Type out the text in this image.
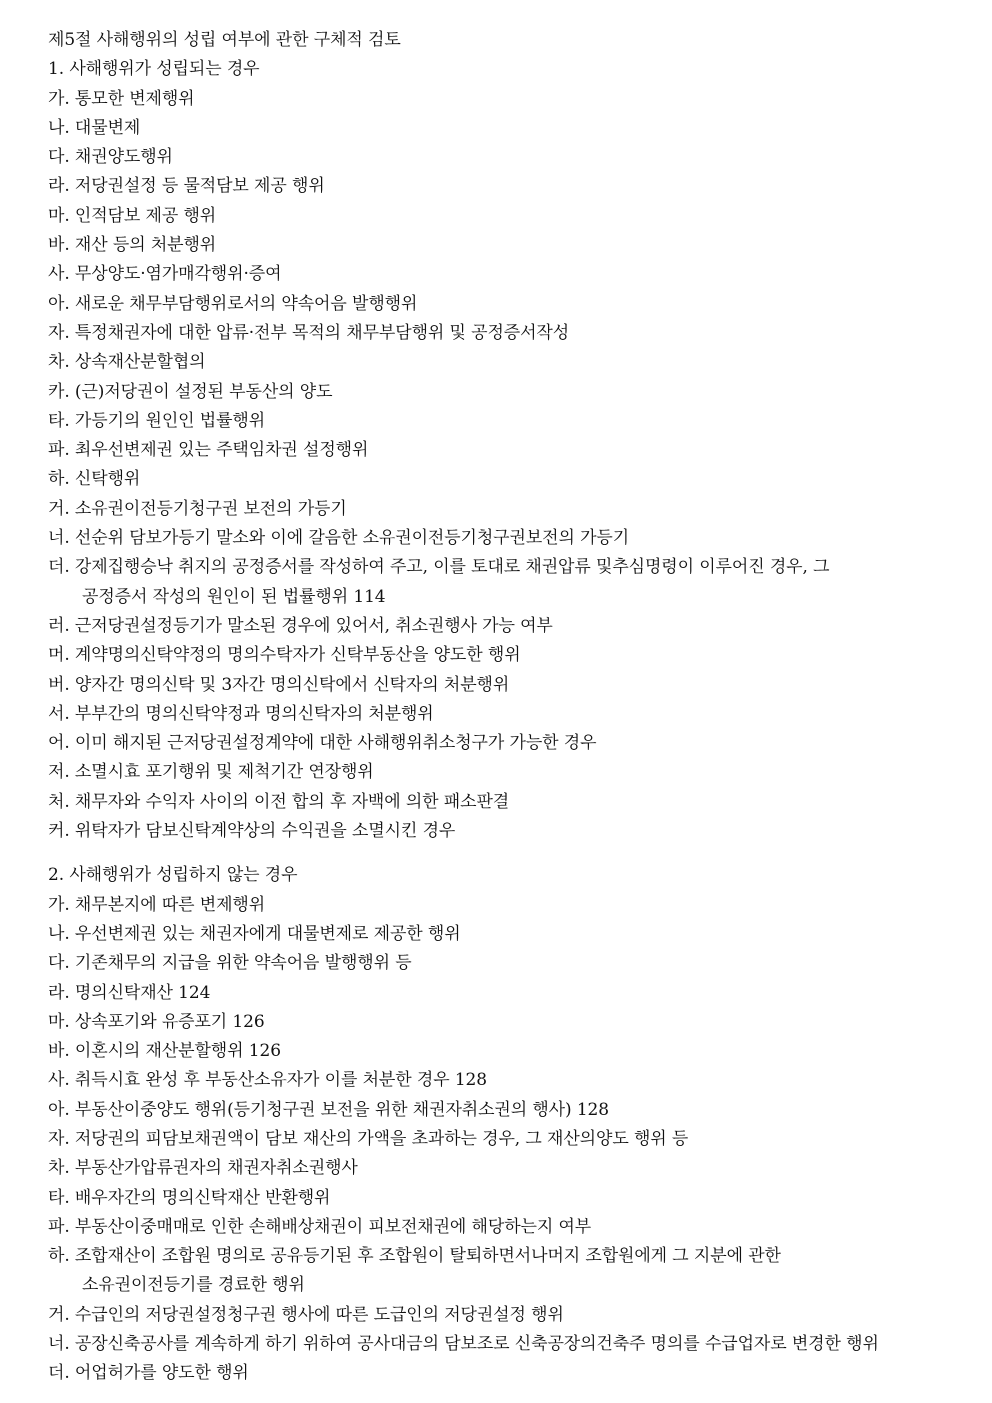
제5절 사해행위의 성립 여부에 관한 구체적 검토
1. 사해행위가 성립되는 경우
가. 통모한 변제행위
나. 대물변제
다. 채권양도행위
라. 저당권설정 등 물적담보 제공 행위
마. 인적담보 제공 행위
바. 재산 등의 처분행위
사. 무상양도·염가매각행위·증여
아. 새로운 채무부담행위로서의 약속어음 발행행위
자. 특정채권자에 대한 압류·전부 목적의 채무부담행위 및 공정증서작성
차. 상속재산분할협의
카. (근)저당권이 설정된 부동산의 양도
타. 가등기의 원인인 법률행위
파. 최우선변제권 있는 주택임차권 설정행위
하. 신탁행위
거. 소유권이전등기청구권 보전의 가등기
너. 선순위 담보가등기 말소와 이에 갈음한 소유권이전등기청구권보전의 가등기
더. 강제집행승낙 취지의 공정증서를 작성하여 주고, 이를 토대로 채권압류 및추심명령이 이루어진 경우, 그
공정증서 작성의 원인이 된 법률행위 114
러. 근저당권설정등기가 말소된 경우에 있어서, 취소권행사 가능 여부
머. 계약명의신탁약정의 명의수탁자가 신탁부동산을 양도한 행위
버. 양자간 명의신탁 및 3자간 명의신탁에서 신탁자의 처분행위
서. 부부간의 명의신탁약정과 명의신탁자의 처분행위
어. 이미 해지된 근저당권설정계약에 대한 사해행위취소청구가 가능한 경우
저. 소멸시효 포기행위 및 제척기간 연장행위
처. 채무자와 수익자 사이의 이전 합의 후 자백에 의한 패소판결
커. 위탁자가 담보신탁계약상의 수익권을 소멸시킨 경우
2. 사해행위가 성립하지 않는 경우
가. 채무본지에 따른 변제행위
나. 우선변제권 있는 채권자에게 대물변제로 제공한 행위
다. 기존채무의 지급을 위한 약속어음 발행행위 등
라. 명의신탁재산 124
마. 상속포기와 유증포기 126
바. 이혼시의 재산분할행위 126
사. 취득시효 완성 후 부동산소유자가 이를 처분한 경우 128
아. 부동산이중양도 행위(등기청구권 보전을 위한 채권자취소권의 행사) 128
자. 저당권의 피담보채권액이 담보 재산의 가액을 초과하는 경우, 그 재산의양도 행위 등
차. 부동산가압류권자의 채권자취소권행사
타. 배우자간의 명의신탁재산 반환행위
파. 부동산이중매매로 인한 손해배상채권이 피보전채권에 해당하는지 여부
하. 조합재산이 조합원 명의로 공유등기된 후 조합원이 탈퇴하면서나머지 조합원에게 그 지분에 관한
소유권이전등기를 경료한 행위
거. 수급인의 저당권설정청구권 행사에 따른 도급인의 저당권설정 행위
너. 공장신축공사를 계속하게 하기 위하여 공사대금의 담보조로 신축공장의건축주 명의를 수급업자로 변경한 행위
더. 어업허가를 양도한 행위
